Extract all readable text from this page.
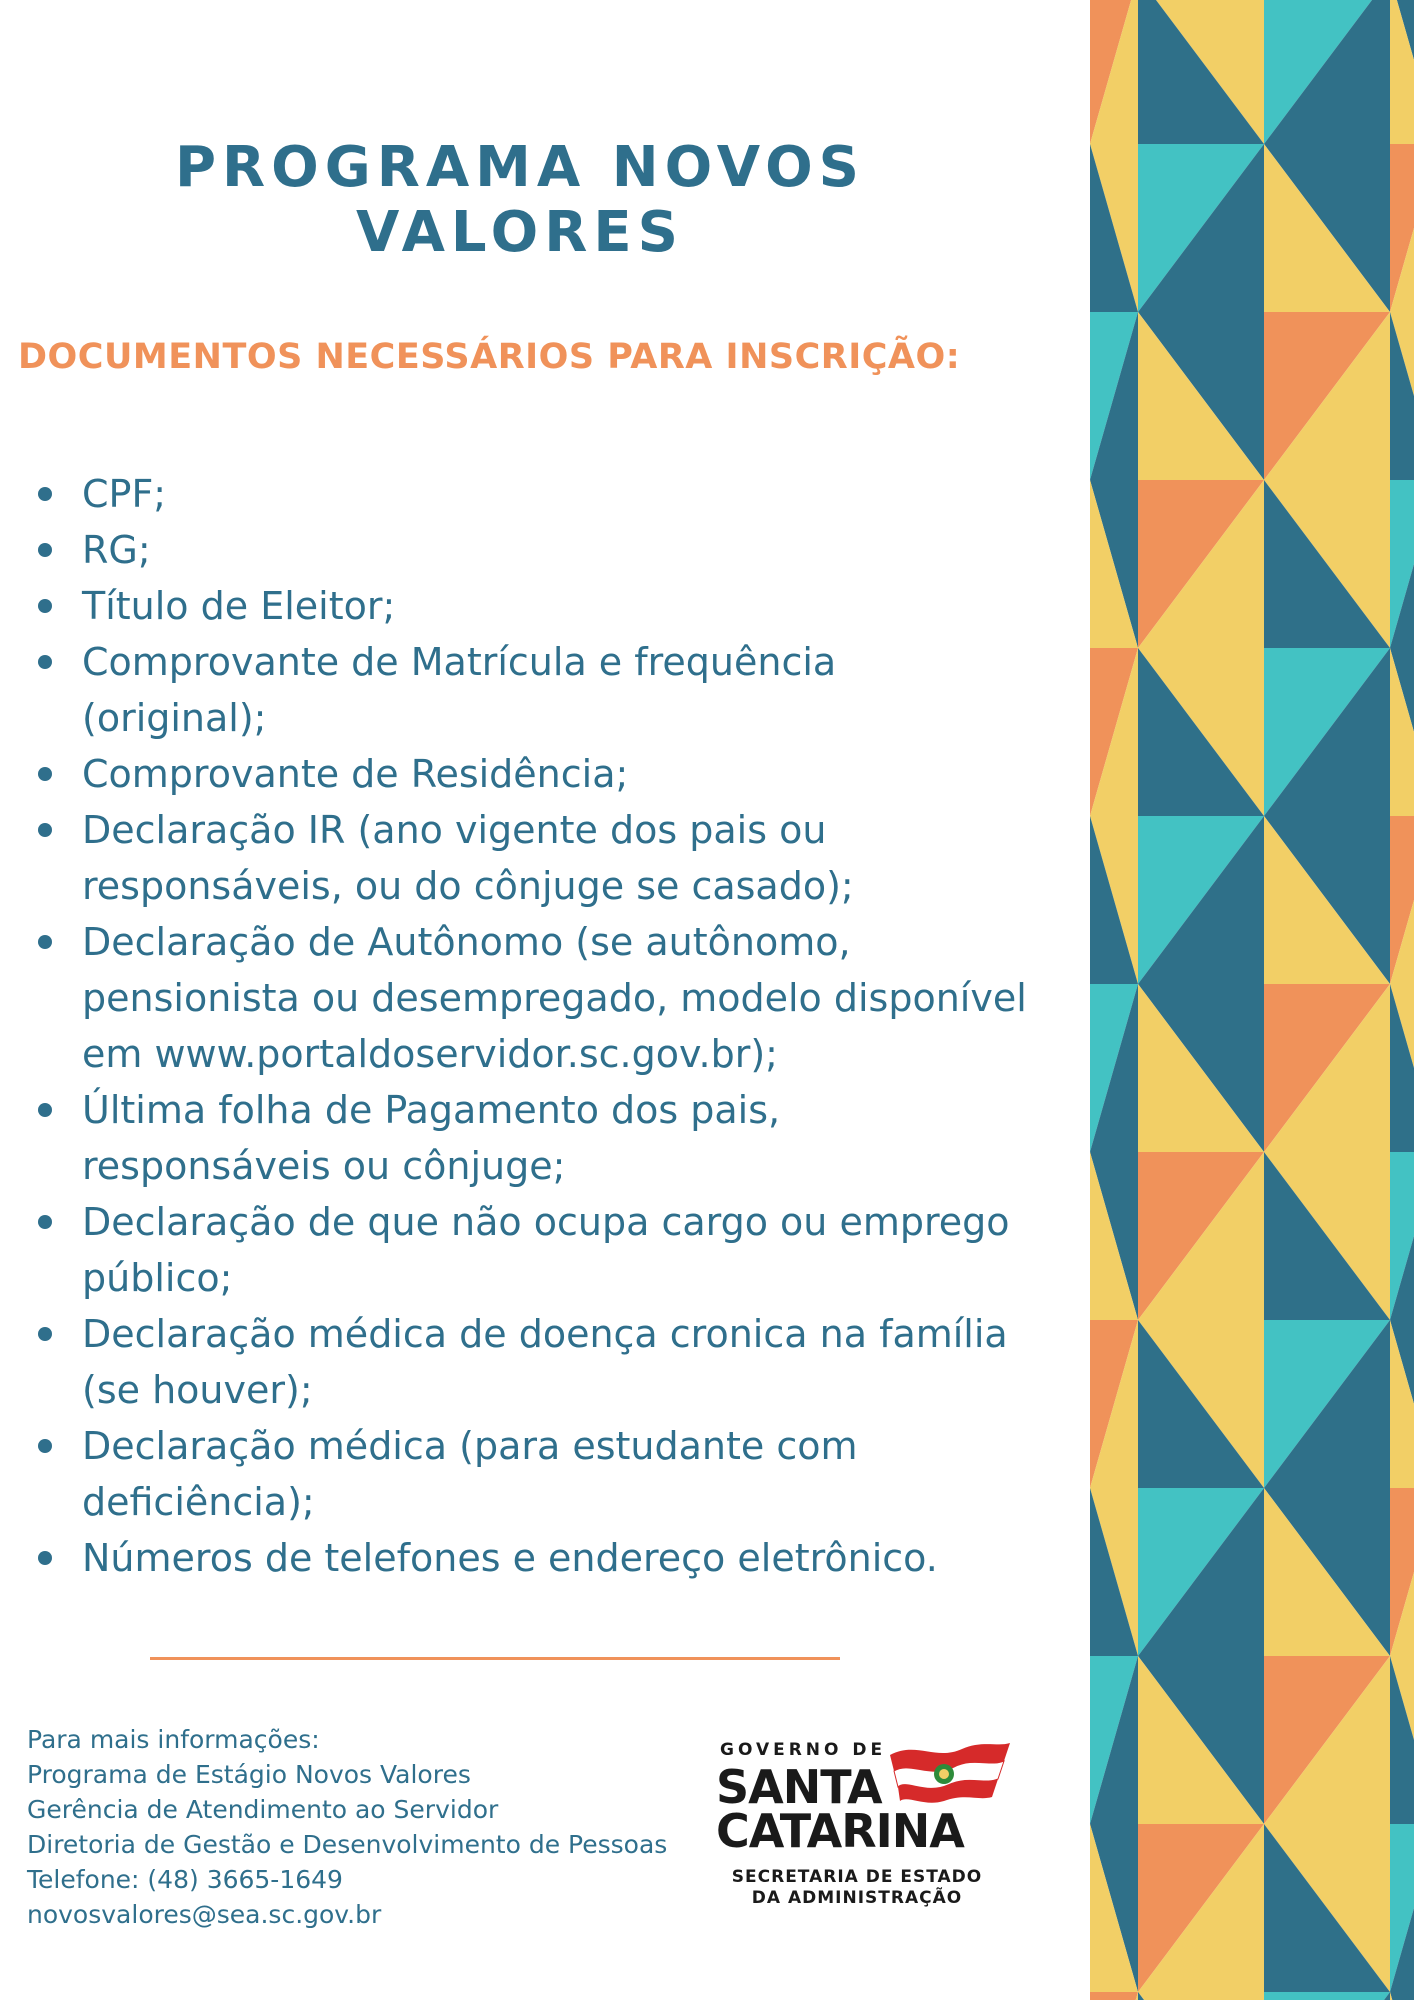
PROGRAMA NOVOS VALORES
DOCUMENTOS NECESSÁRIOS PARA INSCRIÇÃO:
CPF;
RG;
Título de Eleitor;
Comprovante de Matrícula e frequência (original);
Comprovante de Residência;
Declaração IR (ano vigente dos pais ou responsáveis, ou do cônjuge se casado);
Declaração de Autônomo (se autônomo, pensionista ou desempregado, modelo disponível em www.portaldoservidor.sc.gov.br);
Última folha de Pagamento dos pais, responsáveis ou cônjuge;
Declaração de que não ocupa cargo ou emprego público;
Declaração médica de doença cronica na família (se houver);
Declaração médica (para estudante com deficiência);
Números de telefones e endereço eletrônico.
Para mais informações:
Programa de Estágio Novos Valores
Gerência de Atendimento ao Servidor
Diretoria de Gestão e Desenvolvimento de Pessoas
Telefone: (48) 3665-1649
novosvalores@sea.sc.gov.br
GOVERNO DE
SANTA
CATARINA
SECRETARIA DE ESTADO
DA ADMINISTRAÇÃO
